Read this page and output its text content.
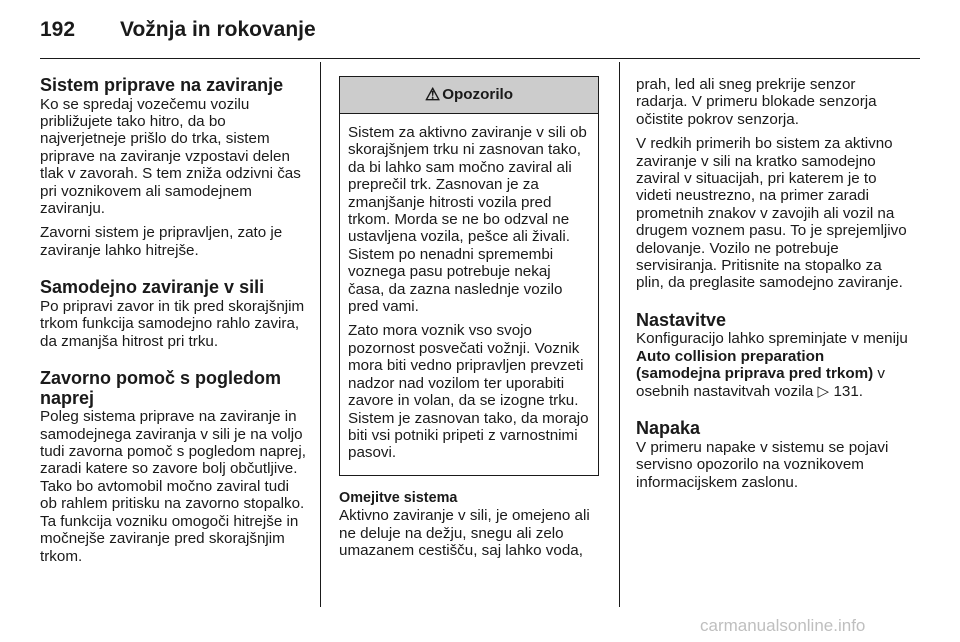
192 Vožnja in rokovanje
Sistem priprave na zaviranje

Ko se spredaj vozečemu vozilu približujete tako hitro, da bo najverjetneje prišlo do trka, sistem priprave na zaviranje vzpostavi delen tlak v zavorah. S tem zniža odzivni čas pri voznikovem ali samodejnem zaviranju.

Zavorni sistem je pripravljen, zato je zaviranje lahko hitrejše.

Samodejno zaviranje v sili

Po pripravi zavor in tik pred skorajšnjim trkom funkcija samodejno rahlo zavira, da zmanjša hitrost pri trku.

Zavorno pomoč s pogledom naprej

Poleg sistema priprave na zaviranje in samodejnega zaviranja v sili je na voljo tudi zavorna pomoč s pogledom naprej, zaradi katere so zavore bolj občutljive. Tako bo avtomobil močno zaviral tudi ob rahlem pritisku na zavorno stopalko. Ta funkcija vozniku omogoči hitrejše in močnejše zaviranje pred skorajšnjim trkom.

⚠ Opozorilo

Sistem za aktivno zaviranje v sili ob skorajšnjem trku ni zasnovan tako, da bi lahko sam močno zaviral ali preprečil trk. Zasnovan je za zmanjšanje hitrosti vozila pred trkom. Morda se ne bo odzval ne ustavljena vozila, pešce ali živali. Sistem po nenadni spremembi voznega pasu potrebuje nekaj časa, da zazna naslednje vozilo pred vami.

Zato mora voznik vso svojo pozornost posvečati vožnji. Voznik mora biti vedno pripravljen prevzeti nadzor nad vozilom ter uporabiti zavore in volan, da se izogne trku. Sistem je zasnovan tako, da morajo biti vsi potniki pripeti z varnostnimi pasovi.

Omejitve sistema

Aktivno zaviranje v sili, je omejeno ali ne deluje na dežju, snegu ali zelo umazanem cestišču, saj lahko voda,

prah, led ali sneg prekrije senzor radarja. V primeru blokade senzorja očistite pokrov senzorja.

V redkih primerih bo sistem za aktivno zaviranje v sili na kratko samodejno zaviral v situacijah, pri katerem je to videti neustrezno, na primer zaradi prometnih znakov v zavojih ali vozil na drugem voznem pasu. To je sprejemljivo delovanje. Vozilo ne potrebuje servisiranja. Pritisnite na stopalko za plin, da preglasite samodejno zaviranje.

Nastavitve

Konfiguracijo lahko spreminjate v meniju Auto collision preparation (samodejna priprava pred trkom) v osebnih nastavitvah vozila ▷ 131.

Napaka

V primeru napake v sistemu se pojavi servisno opozorilo na voznikovem informacijskem zaslonu.

carmanualsonline.info
